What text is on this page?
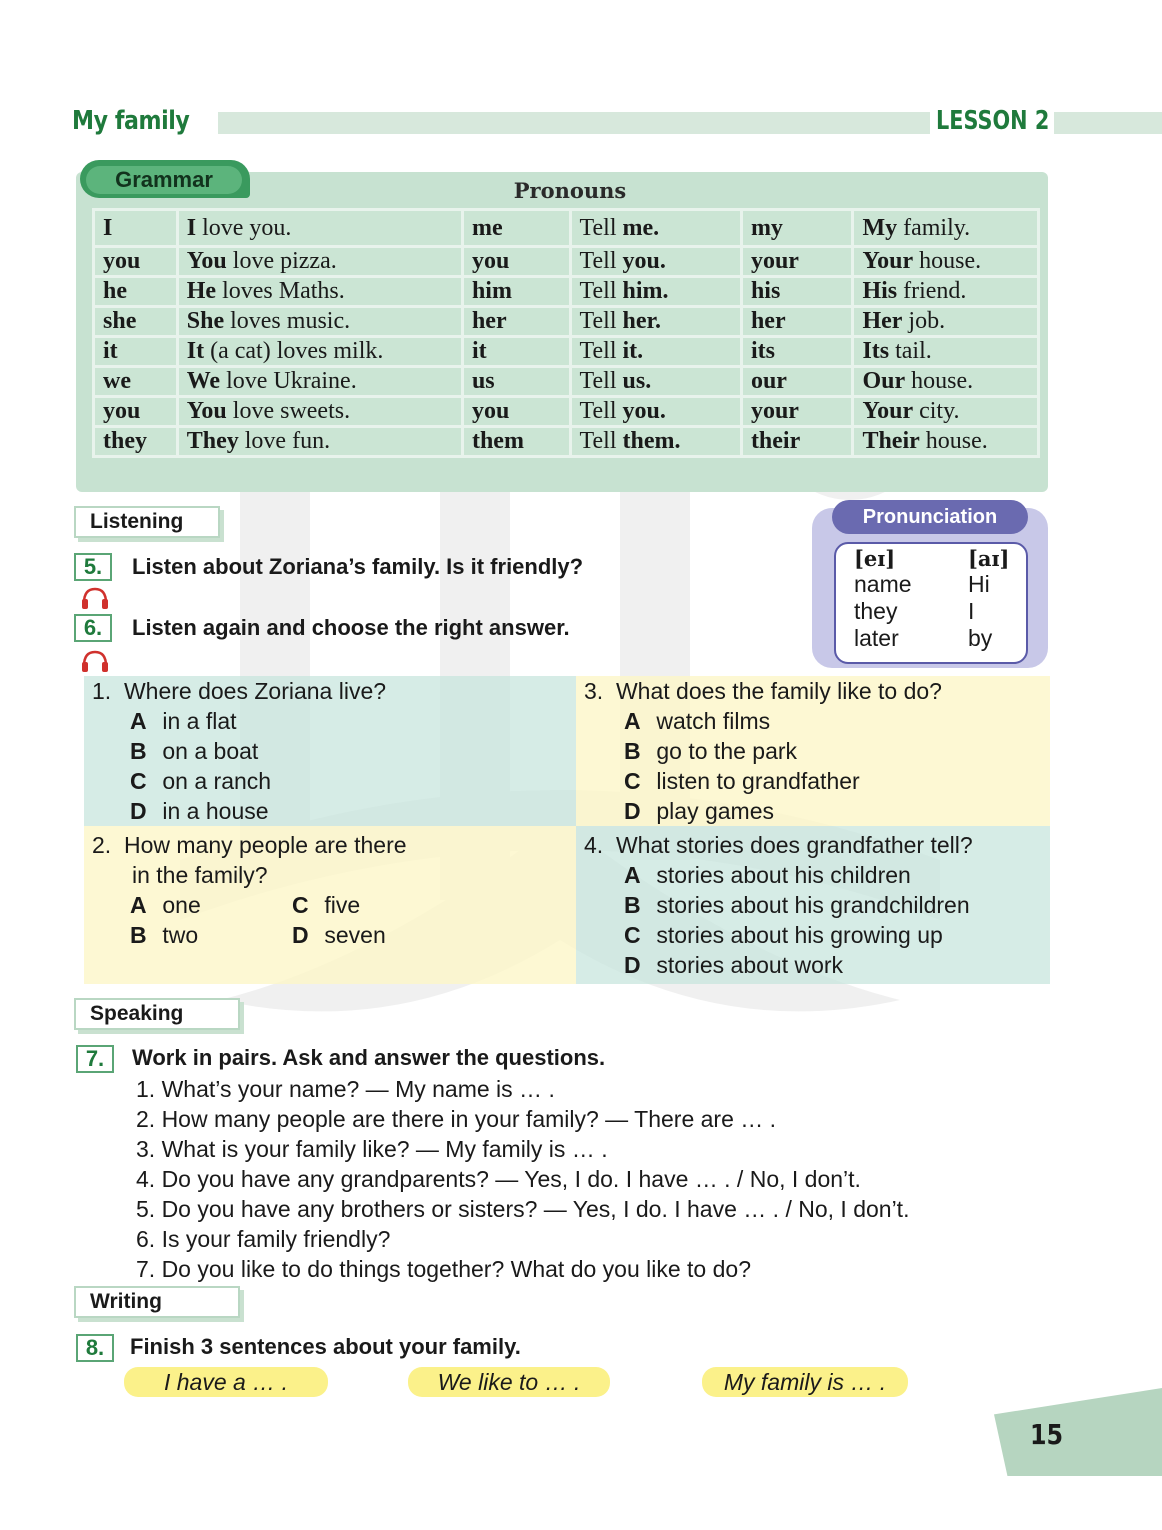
My family	LESSON 2
Grammar	Pronouns
I	I love you.	me	Tell me.	my	My family.
you	You love pizza.	you	Tell you.	your	Your house.
he	He loves Maths.	him	Tell him.	his	His friend.
she	She loves music.	her	Tell her.	her	Her job.
it	It (a cat) loves milk.	it	Tell it.	its	Its tail.
we	We love Ukraine.	us	Tell us.	our	Our house.
you	You love sweets.	you	Tell you.	your	Your city.
they	They love fun.	them	Tell them.	their	Their house.
Listening
5.	Listen about Zoriana’s family. Is it friendly?
6.	Listen again and choose the right answer.
Pronunciation
[eɪ]
name
they
later
[aɪ]
Hi
I
by
1. Where does Zoriana live?
A in a flat
B on a boat
C on a ranch
D in a house
3. What does the family like to do?
A watch films
B go to the park
C listen to grandfather
D play games
2. How many people are there
in the family?
A one	C five
B two	D seven
4. What stories does grandfather tell?
A stories about his children
B stories about his grandchildren
C stories about his growing up
D stories about work
Speaking
7.	Work in pairs. Ask and answer the questions.
1. What’s your name? — My name is … .
2. How many people are there in your family? — There are … .
3. What is your family like? — My family is … .
4. Do you have any grandparents? — Yes, I do. I have … . / No, I don’t.
5. Do you have any brothers or sisters? — Yes, I do. I have … . / No, I don’t.
6. Is your family friendly?
7. Do you like to do things together? What do you like to do?
Writing
8.	Finish 3 sentences about your family.
I have a … .	We like to … .	My family is … .
15
